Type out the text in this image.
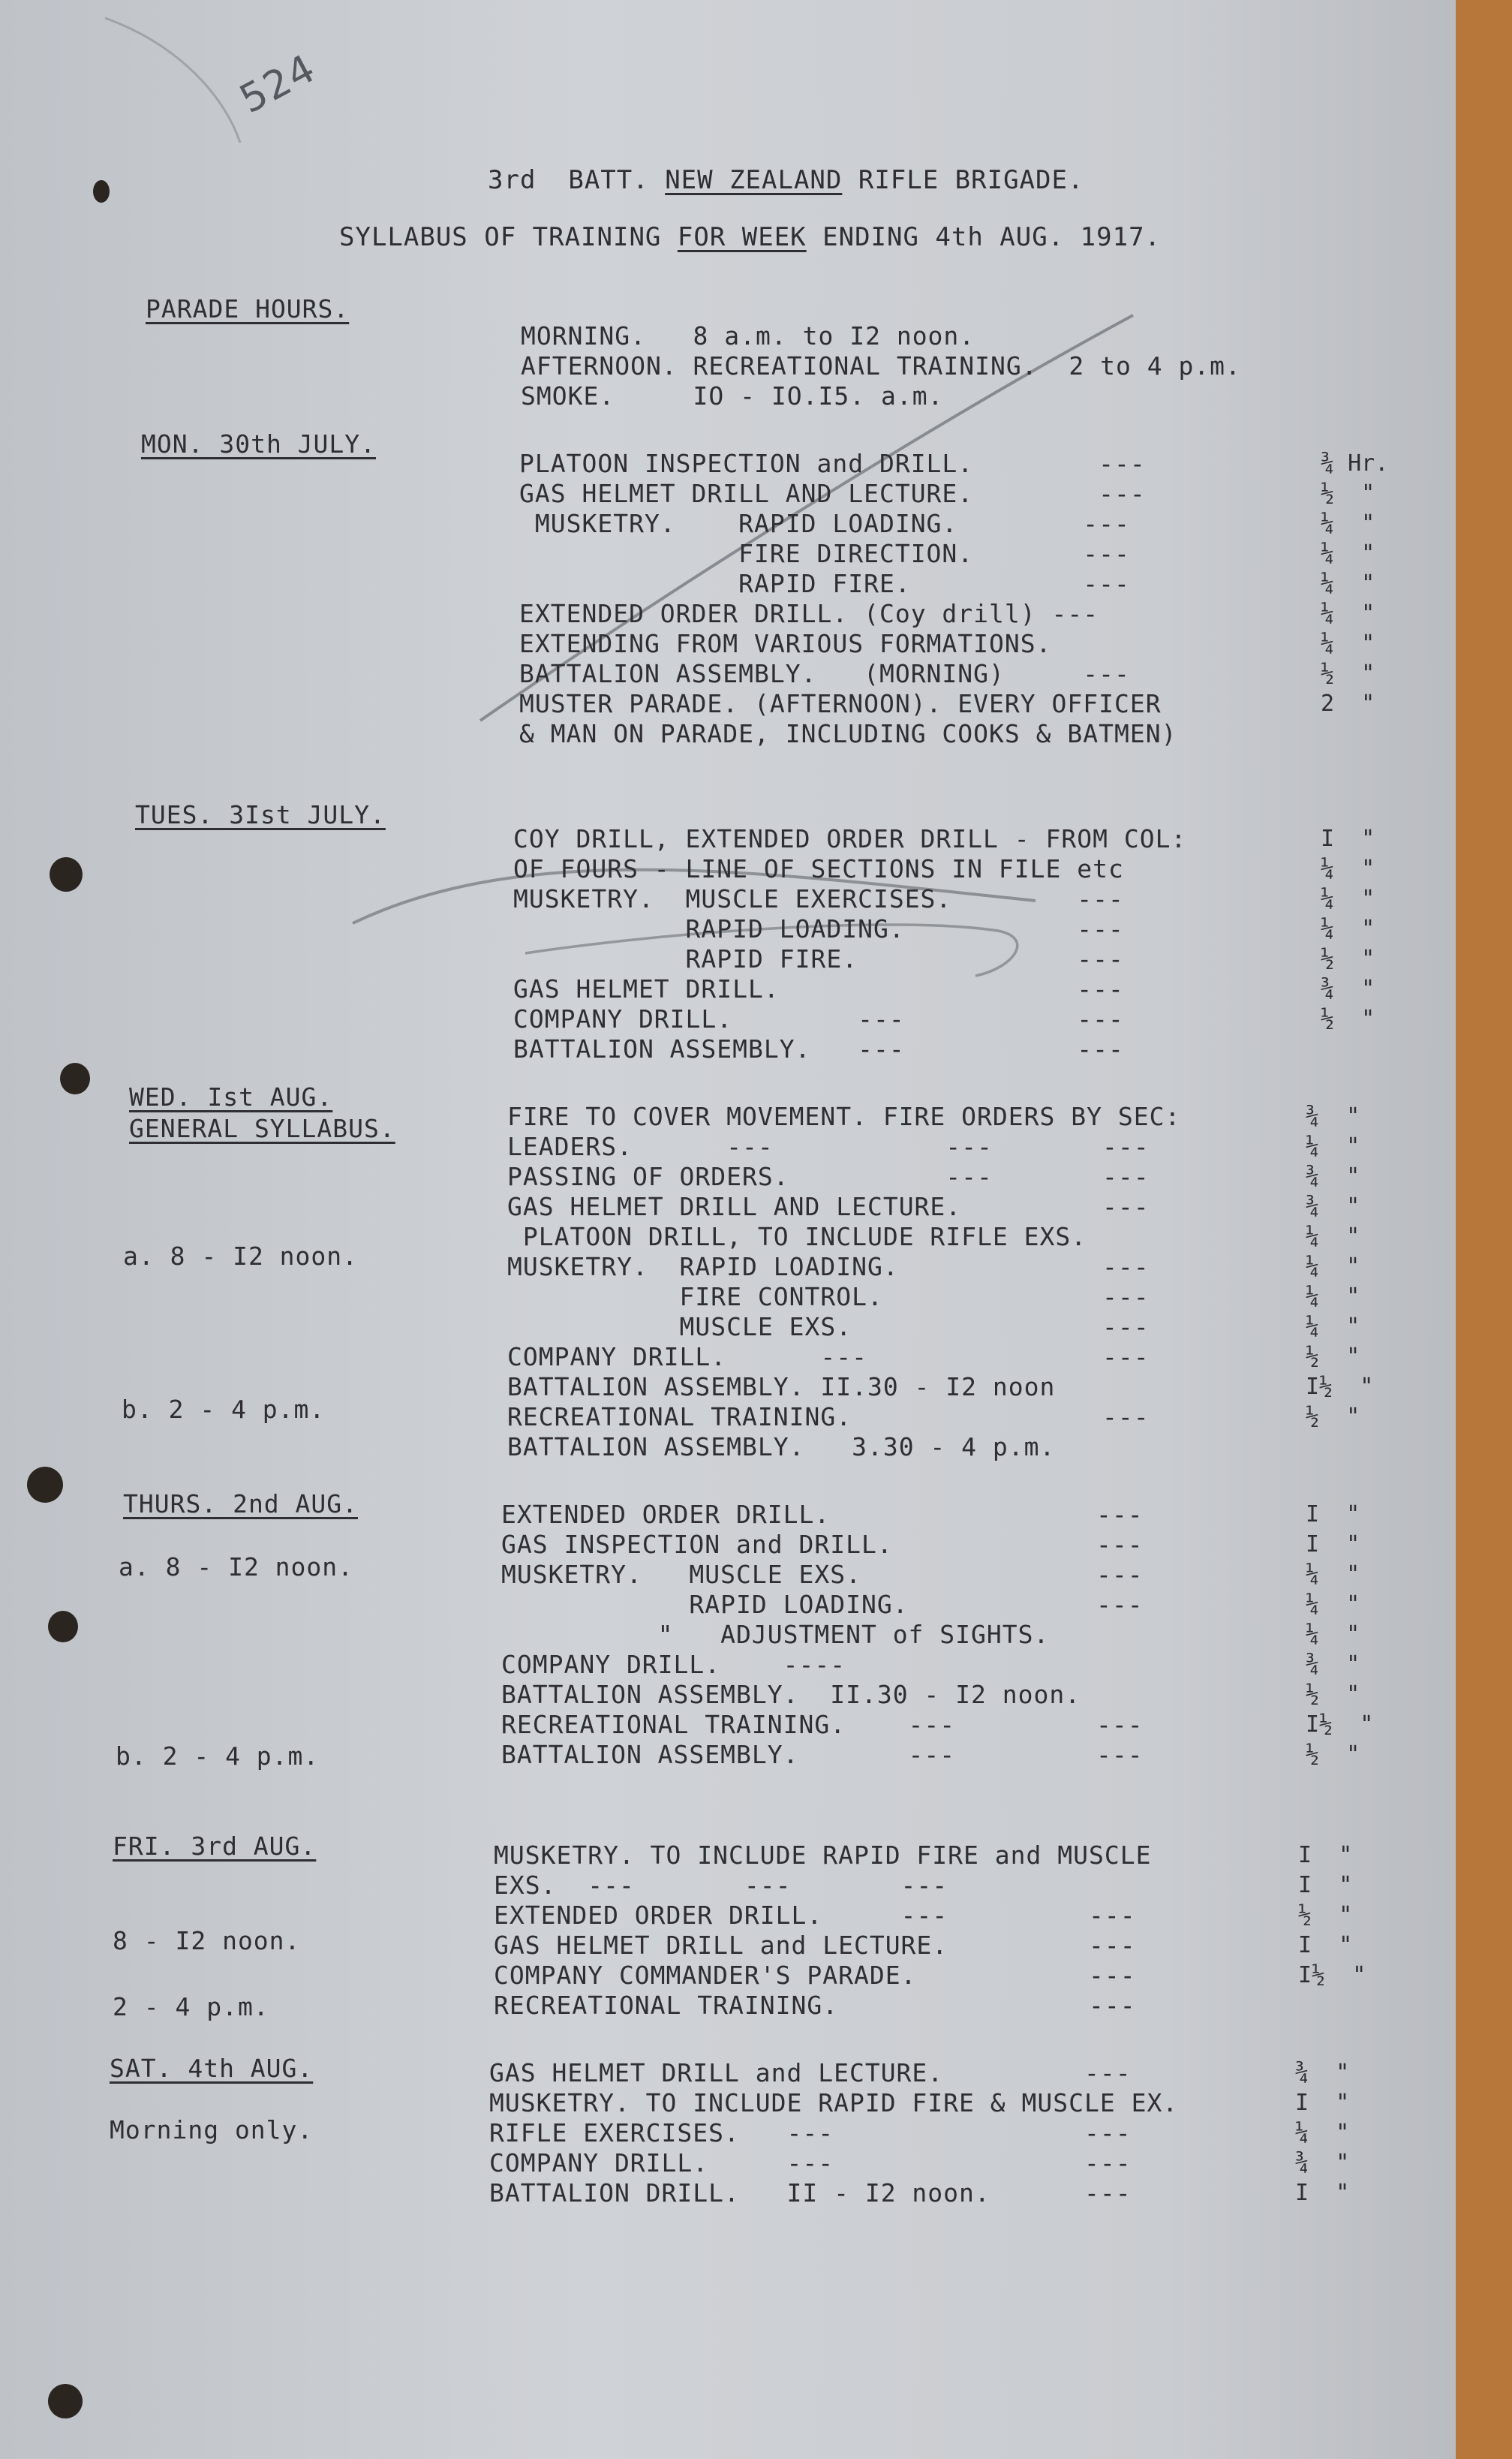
524
3rd  BATT. NEW ZEALAND RIFLE BRIGADE.
SYLLABUS OF TRAINING FOR WEEK ENDING 4th AUG. 1917.
PARADE HOURS.
MORNING.   8 a.m. to I2 noon.
AFTERNOON. RECREATIONAL TRAINING.  2 to 4 p.m.
SMOKE.     IO - IO.I5. a.m.
MON. 30th JULY.
PLATOON INSPECTION and DRILL.        ---
GAS HELMET DRILL AND LECTURE.        ---
MUSKETRY.    RAPID LOADING.        ---
FIRE DIRECTION.       ---
RAPID FIRE.           ---
EXTENDED ORDER DRILL. (Coy drill) ---
EXTENDING FROM VARIOUS FORMATIONS.
BATTALION ASSEMBLY.   (MORNING)     ---
MUSTER PARADE. (AFTERNOON). EVERY OFFICER
& MAN ON PARADE, INCLUDING COOKS & BATMEN)
¾ Hr.
½  "
¼  "
¼  "
¼  "
¼  "
¼  "
½  "
2  "
TUES. 3Ist JULY.
COY DRILL, EXTENDED ORDER DRILL - FROM COL:
OF FOURS - LINE OF SECTIONS IN FILE etc
MUSKETRY.  MUSCLE EXERCISES.        ---
RAPID LOADING.           ---
RAPID FIRE.              ---
GAS HELMET DRILL.                   ---
COMPANY DRILL.        ---           ---
BATTALION ASSEMBLY.   ---           ---
I  "
¼  "
¼  "
¼  "
½  "
¾  "
½  "
WED. Ist AUG.
GENERAL SYLLABUS.
a. 8 - I2 noon.
b. 2 - 4 p.m.
FIRE TO COVER MOVEMENT. FIRE ORDERS BY SEC:
LEADERS.      ---           ---       ---
PASSING OF ORDERS.          ---       ---
GAS HELMET DRILL AND LECTURE.         ---
PLATOON DRILL, TO INCLUDE RIFLE EXS.
MUSKETRY.  RAPID LOADING.             ---
FIRE CONTROL.              ---
MUSCLE EXS.                ---
COMPANY DRILL.      ---               ---
BATTALION ASSEMBLY. II.30 - I2 noon
RECREATIONAL TRAINING.                ---
BATTALION ASSEMBLY.   3.30 - 4 p.m.
¾  "
¼  "
¾  "
¾  "
¼  "
¼  "
¼  "
¼  "
½  "
I½  "
½  "
THURS. 2nd AUG.
a. 8 - I2 noon.
b. 2 - 4 p.m.
EXTENDED ORDER DRILL.                 ---
GAS INSPECTION and DRILL.             ---
MUSKETRY.   MUSCLE EXS.               ---
RAPID LOADING.            ---
"   ADJUSTMENT of SIGHTS.
COMPANY DRILL.    ----
BATTALION ASSEMBLY.  II.30 - I2 noon.
RECREATIONAL TRAINING.    ---         ---
BATTALION ASSEMBLY.       ---         ---
I  "
I  "
¼  "
¼  "
¼  "
¾  "
½  "
I½  "
½  "
FRI. 3rd AUG.
8 - I2 noon.
2 - 4 p.m.
MUSKETRY. TO INCLUDE RAPID FIRE and MUSCLE
EXS.  ---       ---       ---
EXTENDED ORDER DRILL.     ---         ---
GAS HELMET DRILL and LECTURE.         ---
COMPANY COMMANDER'S PARADE.           ---
RECREATIONAL TRAINING.                ---
I  "
I  "
½  "
I  "
I½  "
SAT. 4th AUG.
Morning only.
GAS HELMET DRILL and LECTURE.         ---
MUSKETRY. TO INCLUDE RAPID FIRE & MUSCLE EX.
RIFLE EXERCISES.   ---                ---
COMPANY DRILL.     ---                ---
BATTALION DRILL.   II - I2 noon.      ---
¾  "
I  "
¼  "
¾  "
I  "
